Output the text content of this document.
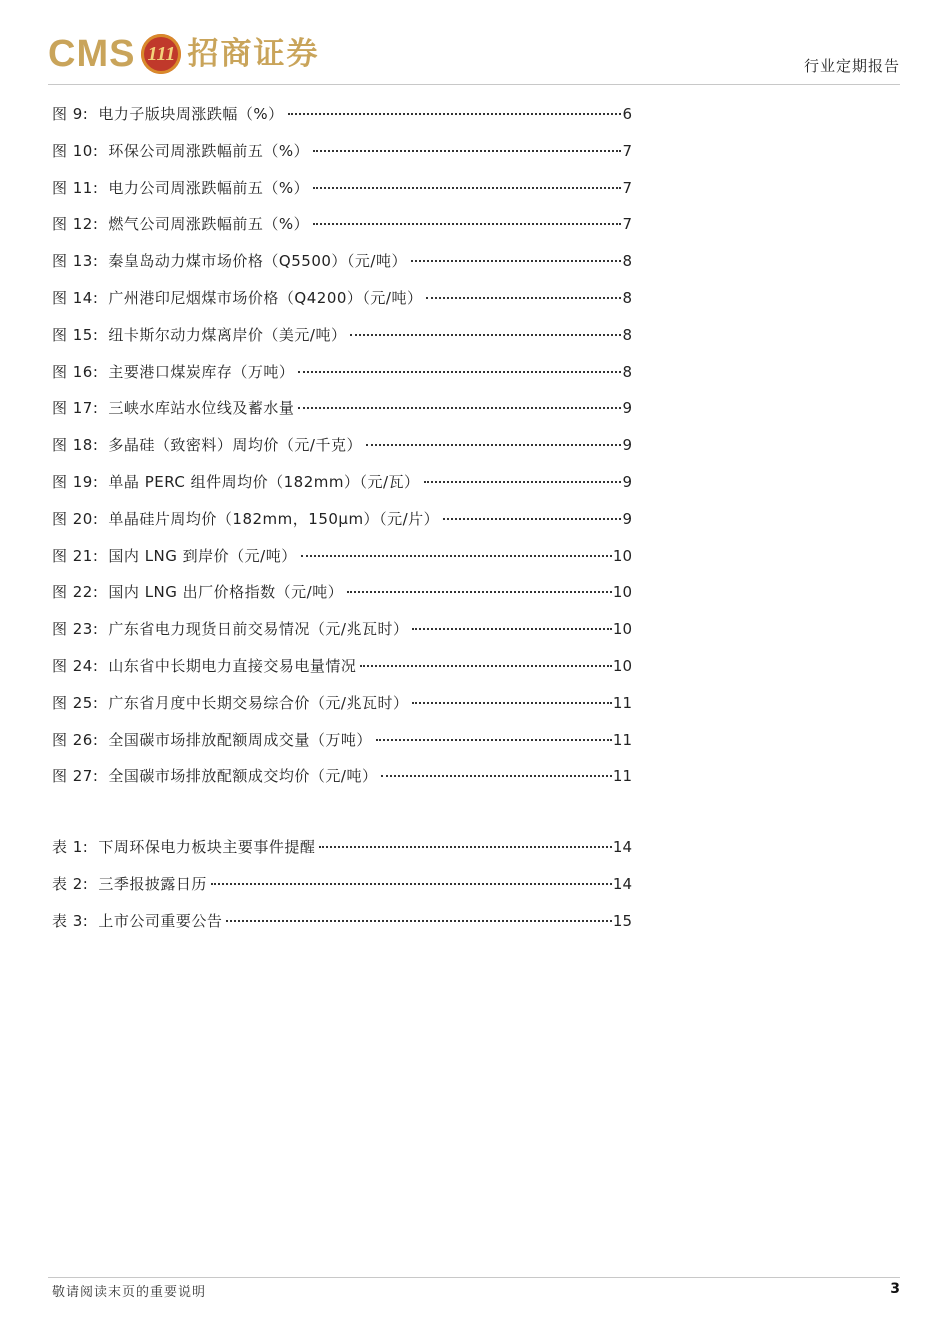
CMS 111 招商证券	行业定期报告
图 9: 电力子版块周涨跌幅（%）	6
图 10: 环保公司周涨跌幅前五（%）	7
图 11: 电力公司周涨跌幅前五（%）	7
图 12: 燃气公司周涨跌幅前五（%）	7
图 13: 秦皇岛动力煤市场价格（Q5500）（元/吨）	8
图 14: 广州港印尼烟煤市场价格（Q4200）（元/吨）	8
图 15: 纽卡斯尔动力煤离岸价（美元/吨）	8
图 16: 主要港口煤炭库存（万吨）	8
图 17: 三峡水库站水位线及蓄水量	9
图 18: 多晶硅（致密料）周均价（元/千克）	9
图 19: 单晶 PERC 组件周均价（182mm）（元/瓦）	9
图 20: 单晶硅片周均价（182mm，150μm）（元/片）	9
图 21: 国内 LNG 到岸价（元/吨）	10
图 22: 国内 LNG 出厂价格指数（元/吨）	10
图 23: 广东省电力现货日前交易情况（元/兆瓦时）	10
图 24: 山东省中长期电力直接交易电量情况	10
图 25: 广东省月度中长期交易综合价（元/兆瓦时）	11
图 26: 全国碳市场排放配额周成交量（万吨）	11
图 27: 全国碳市场排放配额成交均价（元/吨）	11
表 1: 下周环保电力板块主要事件提醒	14
表 2: 三季报披露日历	14
表 3: 上市公司重要公告	15
敬请阅读末页的重要说明	3
